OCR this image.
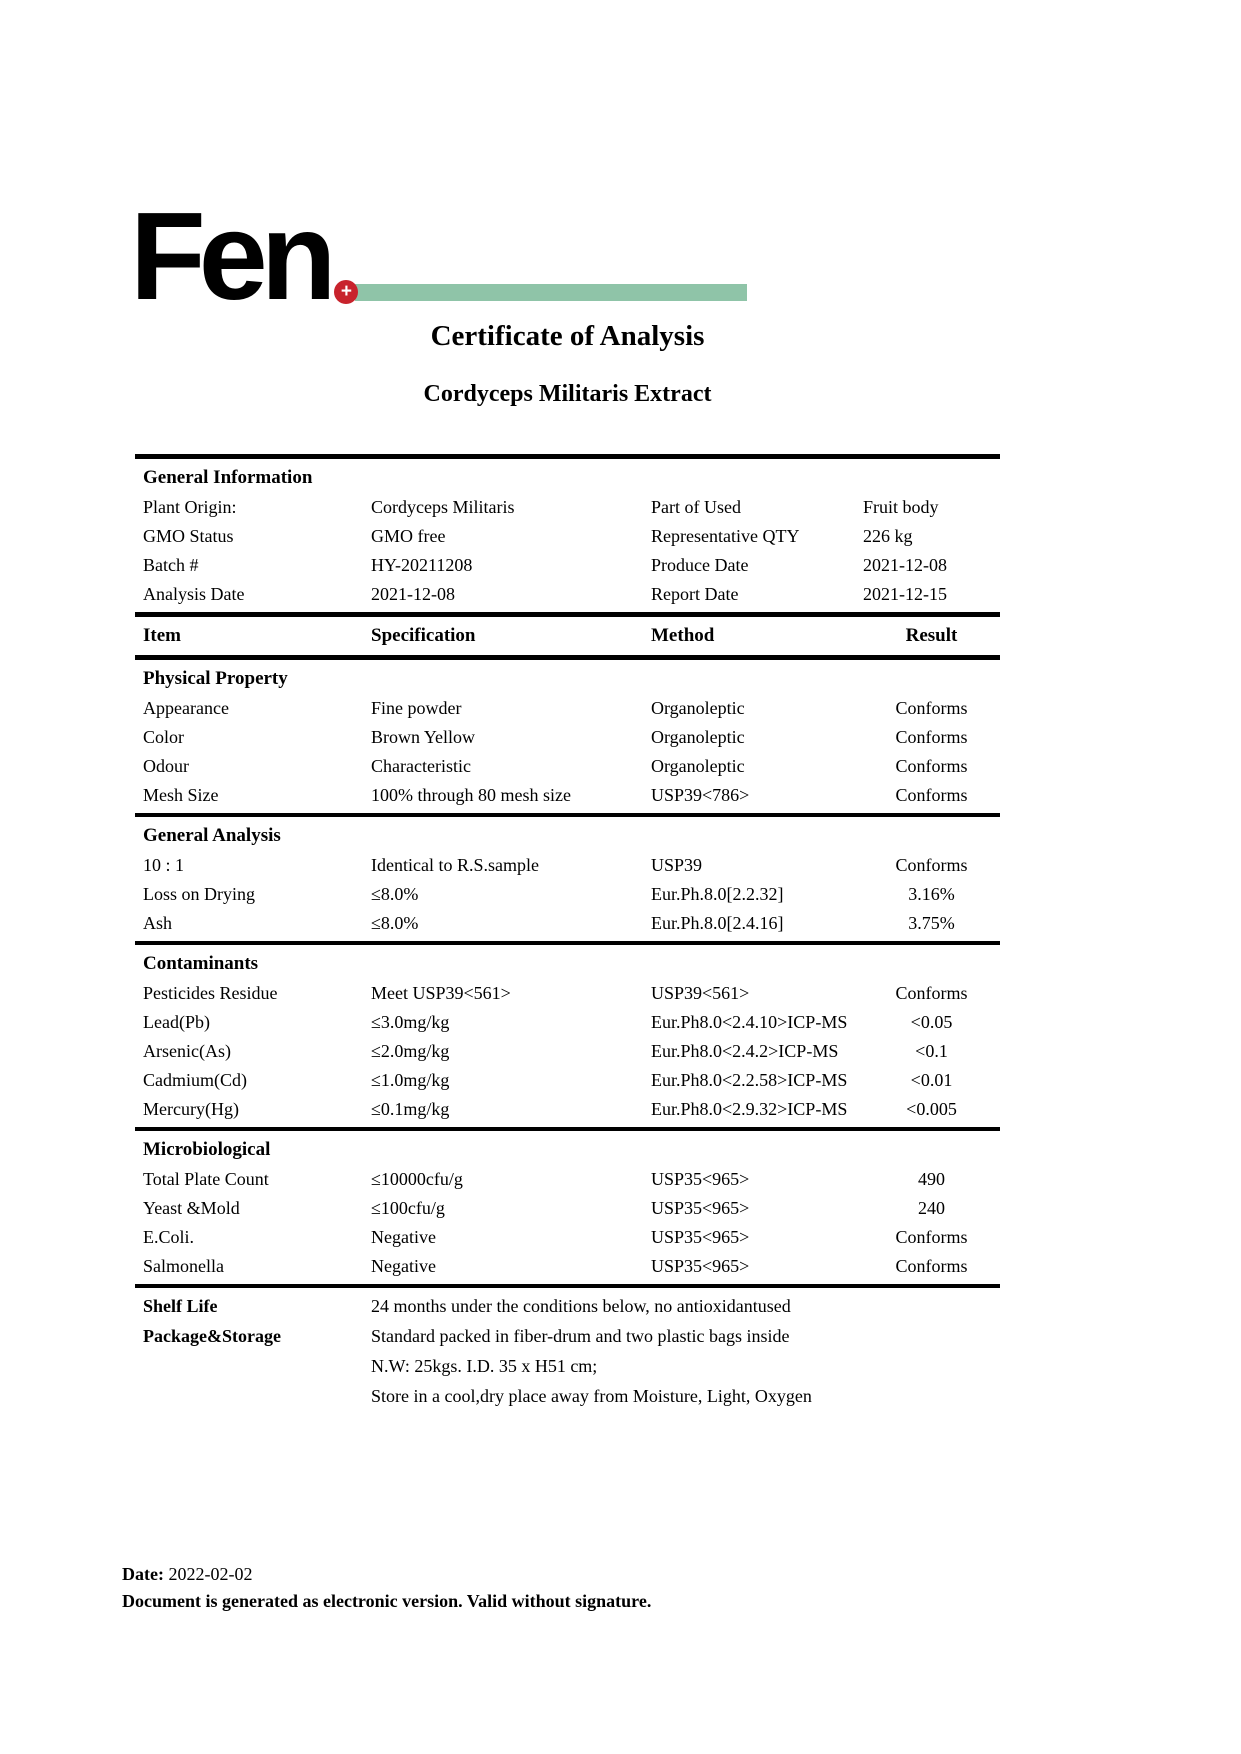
Fen +
Certificate of Analysis
Cordyceps Militaris Extract
General Information
Plant Origin:	Cordyceps Militaris	Part of Used	Fruit body
GMO Status	GMO free	Representative QTY	226 kg
Batch #	HY-20211208	Produce Date	2021-12-08
Analysis Date	2021-12-08	Report Date	2021-12-15
Item	Specification	Method	Result
Physical Property
Appearance	Fine powder	Organoleptic	Conforms
Color	Brown Yellow	Organoleptic	Conforms
Odour	Characteristic	Organoleptic	Conforms
Mesh Size	100% through 80 mesh size	USP39<786>	Conforms
General Analysis
10 : 1	Identical to R.S.sample	USP39	Conforms
Loss on Drying	≤8.0%	Eur.Ph.8.0[2.2.32]	3.16%
Ash	≤8.0%	Eur.Ph.8.0[2.4.16]	3.75%
Contaminants
Pesticides Residue	Meet USP39<561>	USP39<561>	Conforms
Lead(Pb)	≤3.0mg/kg	Eur.Ph8.0<2.4.10>ICP-MS	<0.05
Arsenic(As)	≤2.0mg/kg	Eur.Ph8.0<2.4.2>ICP-MS	<0.1
Cadmium(Cd)	≤1.0mg/kg	Eur.Ph8.0<2.2.58>ICP-MS	<0.01
Mercury(Hg)	≤0.1mg/kg	Eur.Ph8.0<2.9.32>ICP-MS	<0.005
Microbiological
Total Plate Count	≤10000cfu/g	USP35<965>	490
Yeast &Mold	≤100cfu/g	USP35<965>	240
E.Coli.	Negative	USP35<965>	Conforms
Salmonella	Negative	USP35<965>	Conforms
Shelf Life	24 months under the conditions below, no antioxidantused
Package&Storage	Standard packed in fiber-drum and two plastic bags inside
N.W: 25kgs. I.D. 35 x H51 cm;
Store in a cool,dry place away from Moisture, Light, Oxygen
Date: 2022-02-02
Document is generated as electronic version. Valid without signature.
